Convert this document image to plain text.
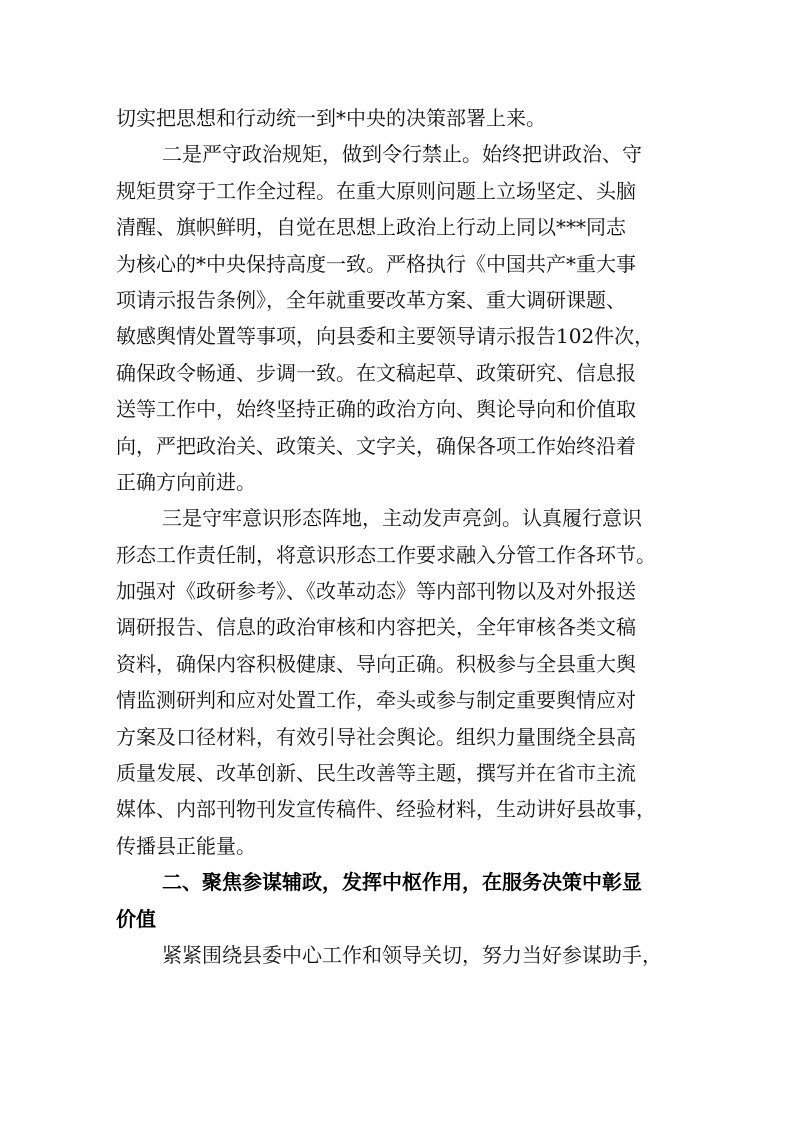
切实把思想和行动统一到*中央的决策部署上来。
二是严守政治规矩，做到令行禁止。始终把讲政治、守
规矩贯穿于工作全过程。在重大原则问题上立场坚定、头脑
清醒、旗帜鲜明，自觉在思想上政治上行动上同以***同志
为核心的*中央保持高度一致。严格执行《中国共产*重大事
项请示报告条例》，全年就重要改革方案、重大调研课题、
敏感舆情处置等事项，向县委和主要领导请示报告102件次，
确保政令畅通、步调一致。在文稿起草、政策研究、信息报
送等工作中，始终坚持正确的政治方向、舆论导向和价值取
向，严把政治关、政策关、文字关，确保各项工作始终沿着
正确方向前进。
三是守牢意识形态阵地，主动发声亮剑。认真履行意识
形态工作责任制，将意识形态工作要求融入分管工作各环节。
加强对《政研参考》、《改革动态》等内部刊物以及对外报送
调研报告、信息的政治审核和内容把关，全年审核各类文稿
资料，确保内容积极健康、导向正确。积极参与全县重大舆
情监测研判和应对处置工作，牵头或参与制定重要舆情应对
方案及口径材料，有效引导社会舆论。组织力量围绕全县高
质量发展、改革创新、民生改善等主题，撰写并在省市主流
媒体、内部刊物刊发宣传稿件、经验材料，生动讲好县故事，
传播县正能量。
二、聚焦参谋辅政，发挥中枢作用，在服务决策中彰显
价值
紧紧围绕县委中心工作和领导关切，努力当好参谋助手，
